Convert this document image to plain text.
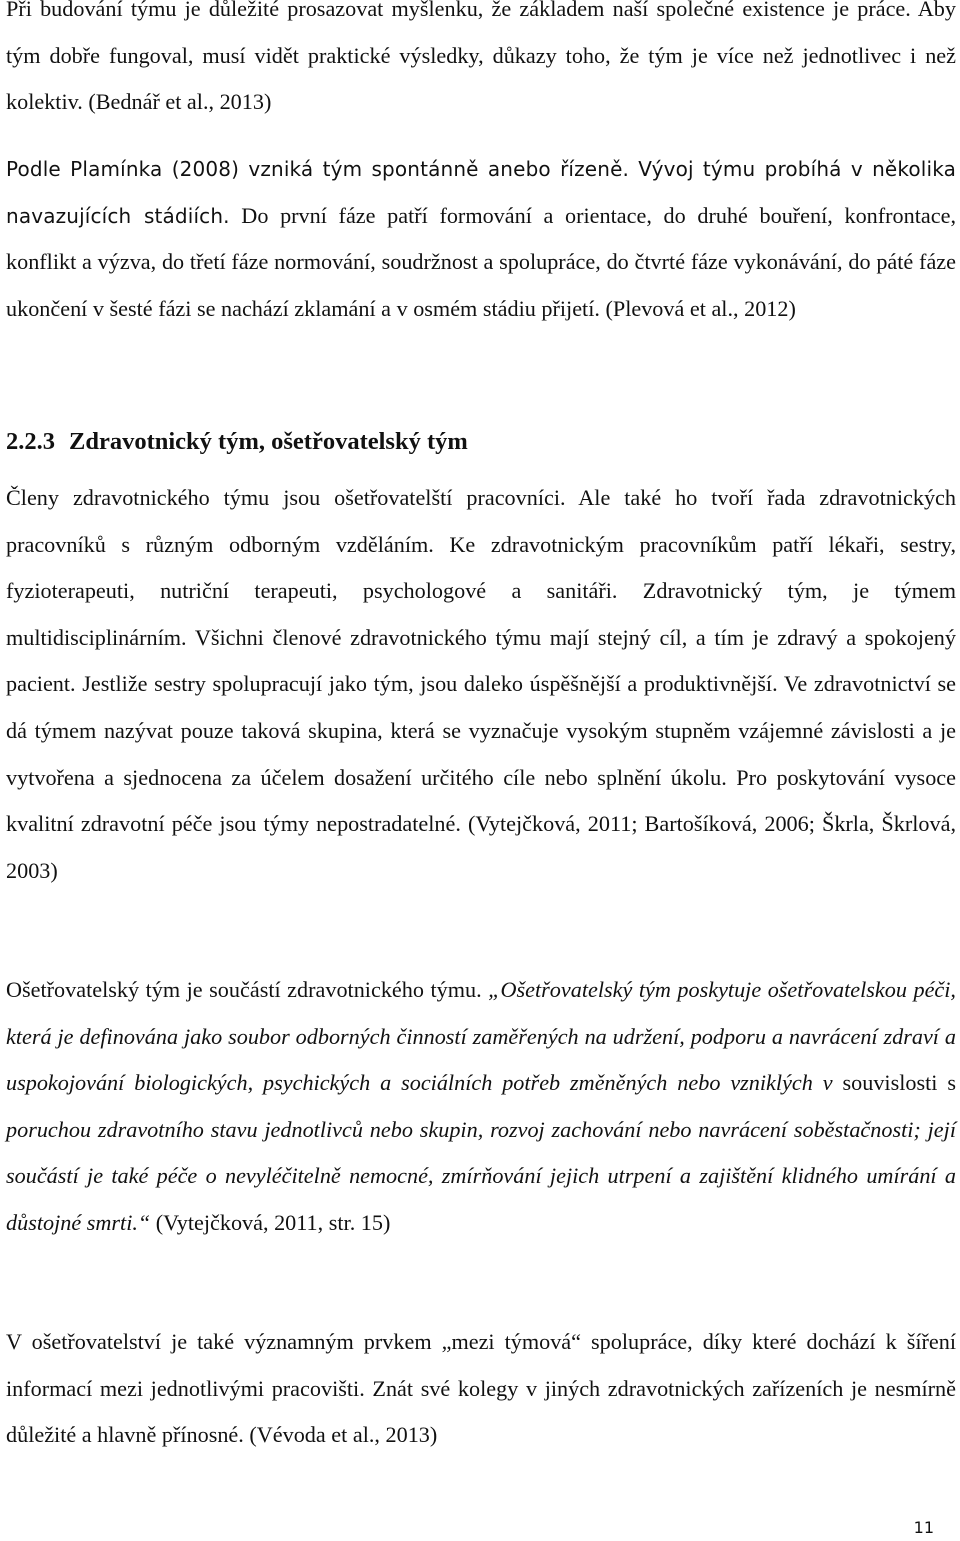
Při budování týmu je důležité prosazovat myšlenku, že základem naší společné existence je práce. Aby tým dobře fungoval, musí vidět praktické výsledky, důkazy toho, že tým je více než jednotlivec i než kolektiv. (Bednář et al., 2013)

Podle Plamínka (2008) vzniká tým spontánně anebo řízeně. Vývoj týmu probíhá v několika navazujících stádiích. Do první fáze patří formování a orientace, do druhé bouření, konfrontace, konflikt a výzva, do třetí fáze normování, soudržnost a spolupráce, do čtvrté fáze vykonávání, do páté fáze ukončení v šesté fázi se nachází zklamání a v osmém stádiu přijetí. (Plevová et al., 2012)

2.2.3 Zdravotnický tým, ošetřovatelský tým

Členy zdravotnického týmu jsou ošetřovatelští pracovníci. Ale také ho tvoří řada zdravotnických pracovníků s různým odborným vzděláním. Ke zdravotnickým pracovníkům patří lékaři, sestry, fyzioterapeuti, nutriční terapeuti, psychologové a sanitáři. Zdravotnický tým, je týmem multidisciplinárním. Všichni členové zdravotnického týmu mají stejný cíl, a tím je zdravý a spokojený pacient. Jestliže sestry spolupracují jako tým, jsou daleko úspěšnější a produktivnější. Ve zdravotnictví se dá týmem nazývat pouze taková skupina, která se vyznačuje vysokým stupněm vzájemné závislosti a je vytvořena a sjednocena za účelem dosažení určitého cíle nebo splnění úkolu. Pro poskytování vysoce kvalitní zdravotní péče jsou týmy nepostradatelné. (Vytejčková, 2011; Bartošíková, 2006; Škrla, Škrlová, 2003)

Ošetřovatelský tým je součástí zdravotnického týmu. „Ošetřovatelský tým poskytuje ošetřovatelskou péči, která je definována jako soubor odborných činností zaměřených na udržení, podporu a navrácení zdraví a uspokojování biologických, psychických a sociálních potřeb změněných nebo vzniklých v souvislosti s poruchou zdravotního stavu jednotlivců nebo skupin, rozvoj zachování nebo navrácení soběstačnosti; její součástí je také péče o nevyléčitelně nemocné, zmírňování jejich utrpení a zajištění klidného umírání a důstojné smrti.“ (Vytejčková, 2011, str. 15)

V ošetřovatelství je také významným prvkem „mezi týmová“ spolupráce, díky které dochází k šíření informací mezi jednotlivými pracovišti. Znát své kolegy v jiných zdravotnických zařízeních je nesmírně důležité a hlavně přínosné. (Vévoda et al., 2013)

11
